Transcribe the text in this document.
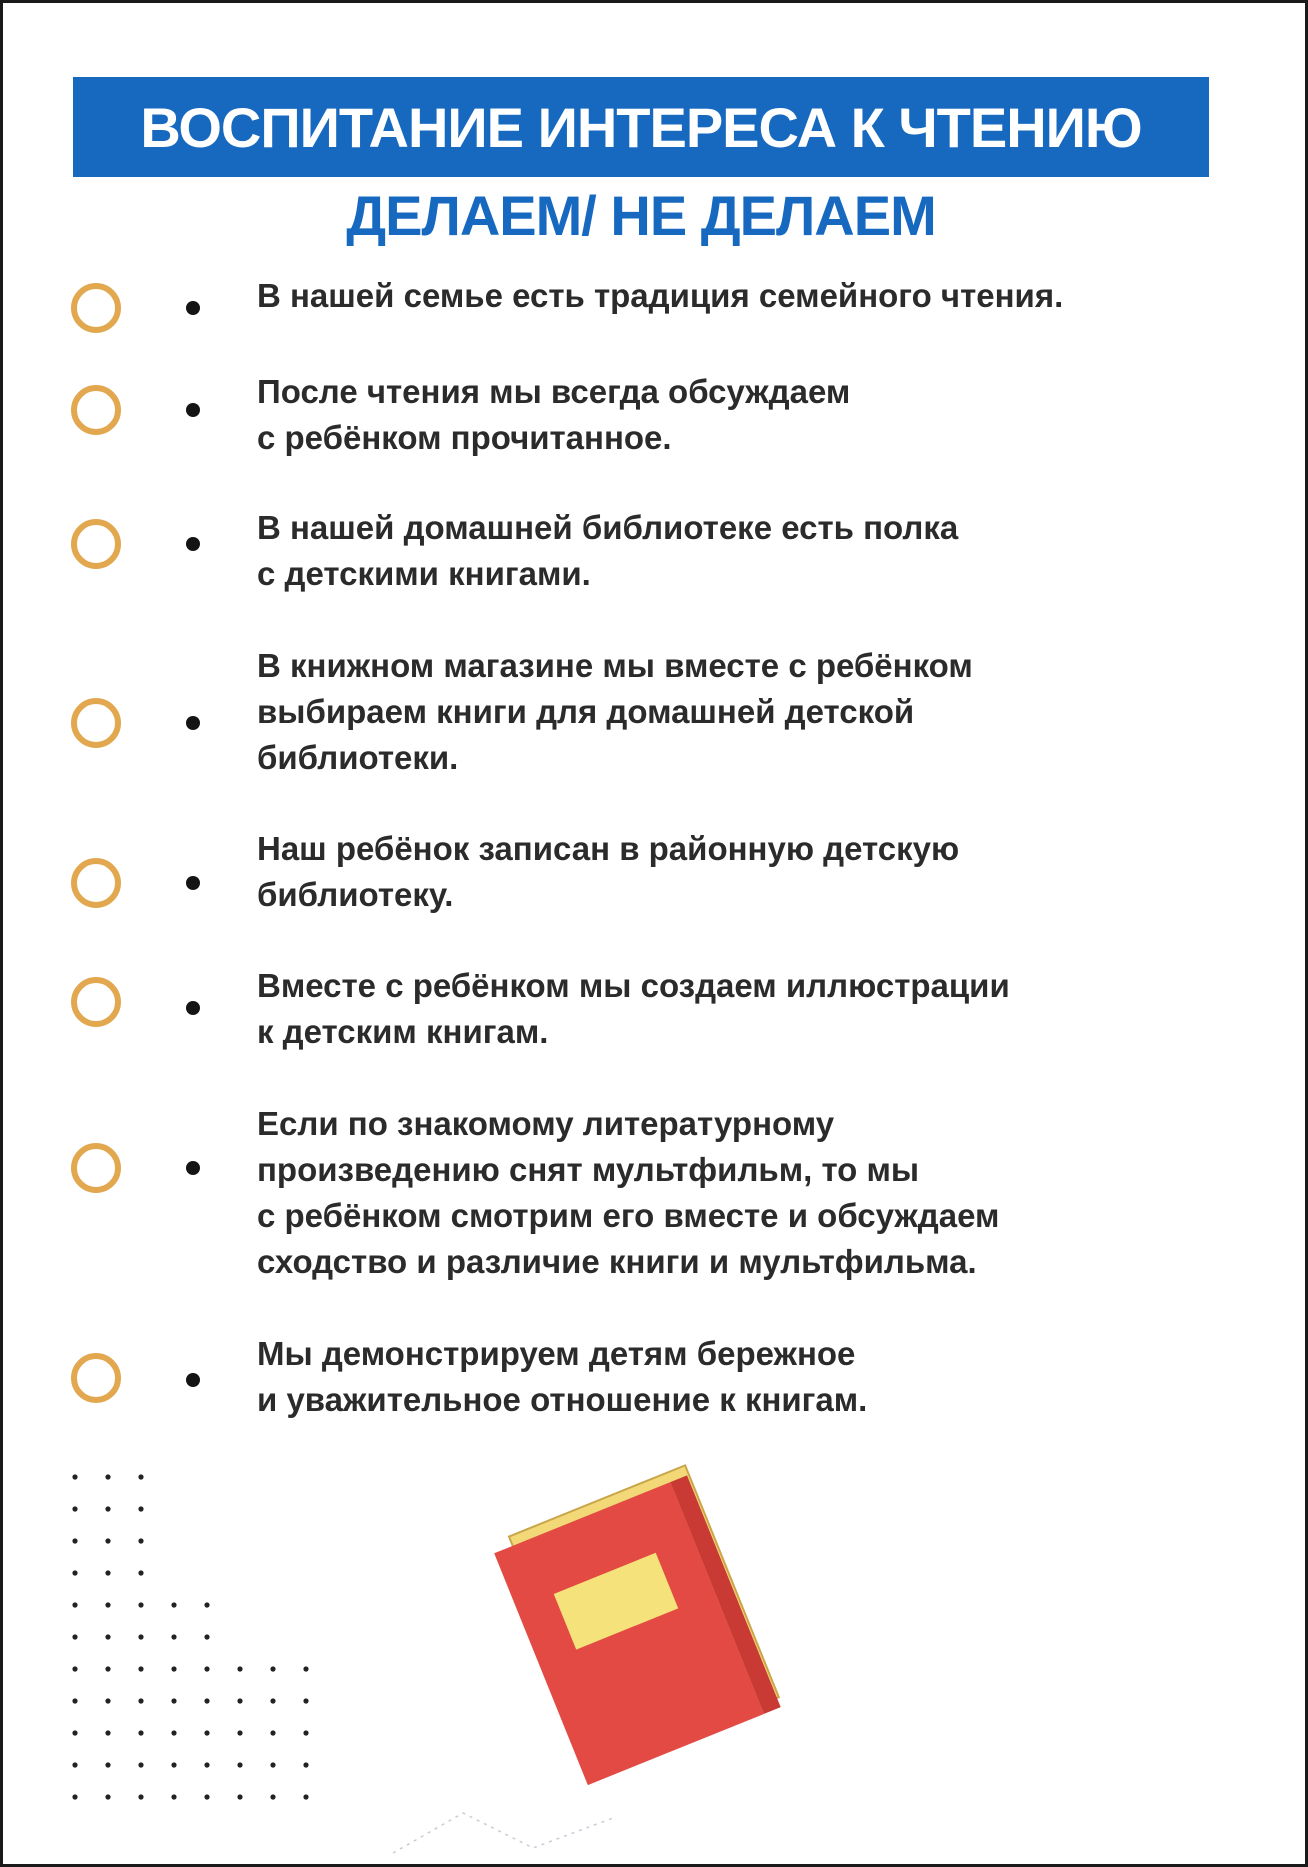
ВОСПИТАНИЕ ИНТЕРЕСА К ЧТЕНИЮ
ДЕЛАЕМ/ НЕ ДЕЛАЕМ
В нашей семье есть традиция семейного чтения.
После чтения мы всегда обсуждаем
с ребёнком прочитанное.
В нашей домашней библиотеке есть полка
с детскими книгами.
В книжном магазине мы вместе с ребёнком
выбираем книги для домашней детской
библиотеки.
Наш ребёнок записан в районную детскую
библиотеку.
Вместе с ребёнком мы создаем иллюстрации
к детским книгам.
Если по знакомому литературному
произведению снят мультфильм, то мы
с ребёнком смотрим его вместе и обсуждаем
сходство и различие книги и мультфильма.
Мы демонстрируем детям бережное
и уважительное отношение к книгам.
